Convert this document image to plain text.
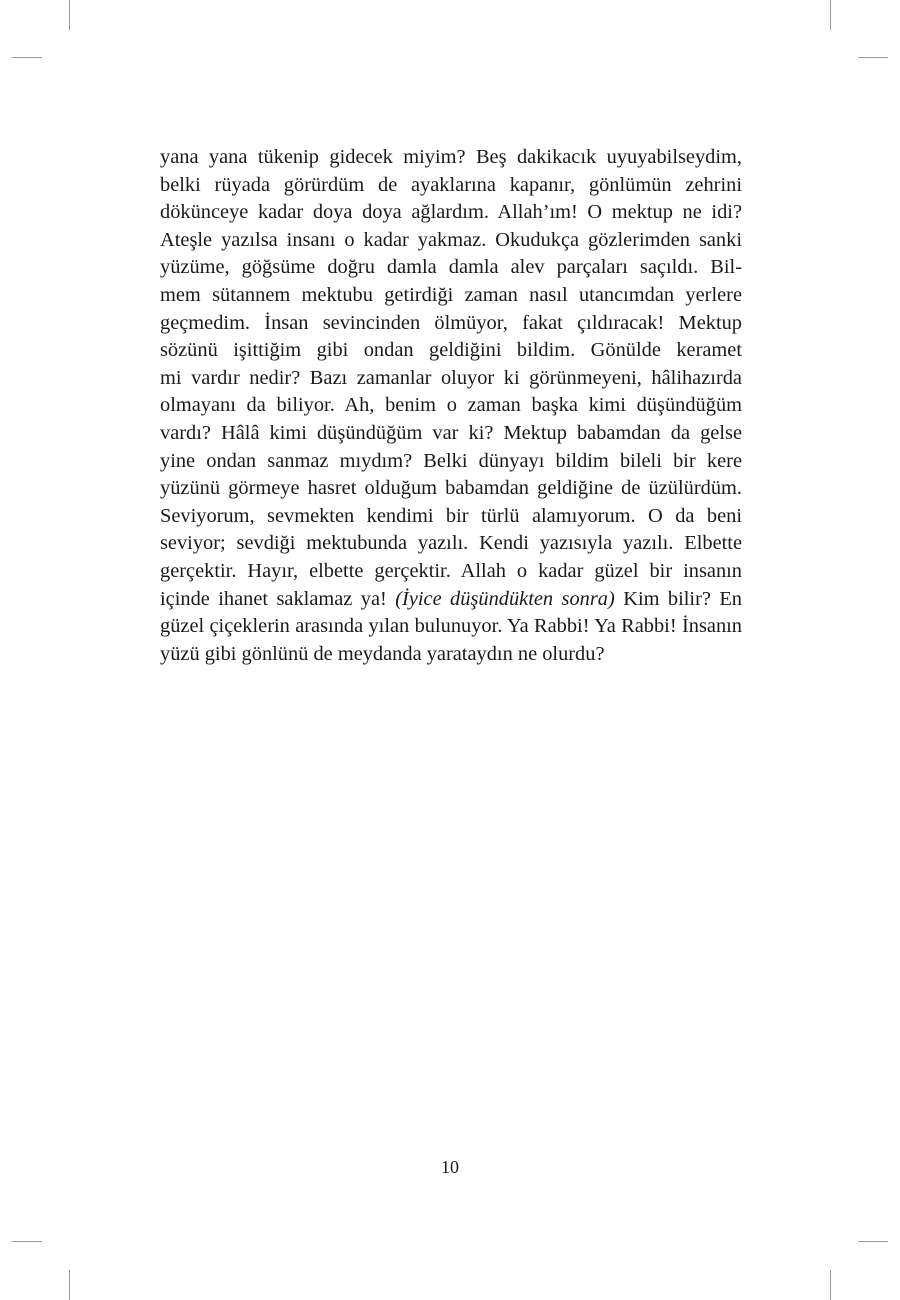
yana yana tükenip gidecek miyim? Beş dakikacık uyuyabilseydim,
belki rüyada görürdüm de ayaklarına kapanır, gönlümün zehrini
dökünceye kadar doya doya ağlardım. Allah’ım! O mektup ne idi?
Ateşle yazılsa insanı o kadar yakmaz. Okudukça gözlerimden sanki
yüzüme, göğsüme doğru damla damla alev parçaları saçıldı. Bil-
mem sütannem mektubu getirdiği zaman nasıl utancımdan yerlere
geçmedim. İnsan sevincinden ölmüyor, fakat çıldıracak! Mektup
sözünü işittiğim gibi ondan geldiğini bildim. Gönülde keramet
mi vardır nedir? Bazı zamanlar oluyor ki görünmeyeni, hâlihazırda
olmayanı da biliyor. Ah, benim o zaman başka kimi düşündüğüm
vardı? Hâlâ kimi düşündüğüm var ki? Mektup babamdan da gelse
yine ondan sanmaz mıydım? Belki dünyayı bildim bileli bir kere
yüzünü görmeye hasret olduğum babamdan geldiğine de üzülürdüm.
Seviyorum, sevmekten kendimi bir türlü alamıyorum. O da beni
seviyor; sevdiği mektubunda yazılı. Kendi yazısıyla yazılı. Elbette
gerçektir. Hayır, elbette gerçektir. Allah o kadar güzel bir insanın
içinde ihanet saklamaz ya! (İyice düşündükten sonra) Kim bilir? En
güzel çiçeklerin arasında yılan bulunuyor. Ya Rabbi! Ya Rabbi! İnsanın
yüzü gibi gönlünü de meydanda yarataydın ne olurdu?
10
